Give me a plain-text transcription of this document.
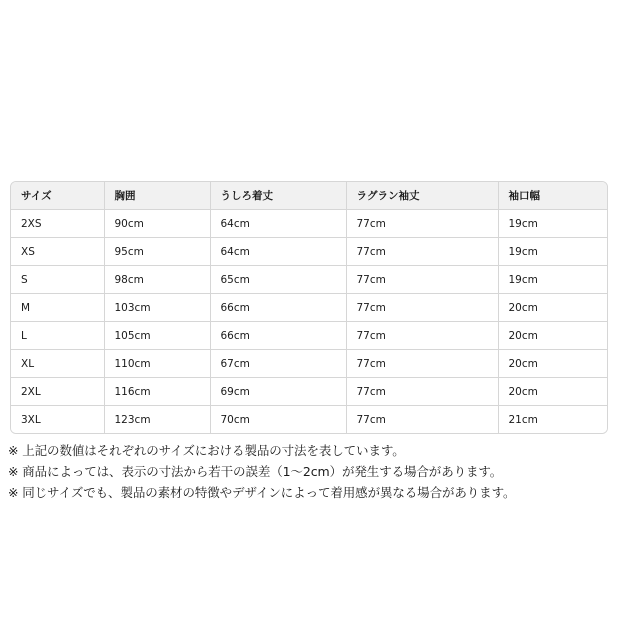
サイズ	胸囲	うしろ着丈	ラグラン袖丈	袖口幅
2XS	90cm	64cm	77cm	19cm
XS	95cm	64cm	77cm	19cm
S	98cm	65cm	77cm	19cm
M	103cm	66cm	77cm	20cm
L	105cm	66cm	77cm	20cm
XL	110cm	67cm	77cm	20cm
2XL	116cm	69cm	77cm	20cm
3XL	123cm	70cm	77cm	21cm
※ 上記の数値はそれぞれのサイズにおける製品の寸法を表しています。
※ 商品によっては、表示の寸法から若干の誤差（1〜2cm）が発生する場合があります。
※ 同じサイズでも、製品の素材の特徴やデザインによって着用感が異なる場合があります。
